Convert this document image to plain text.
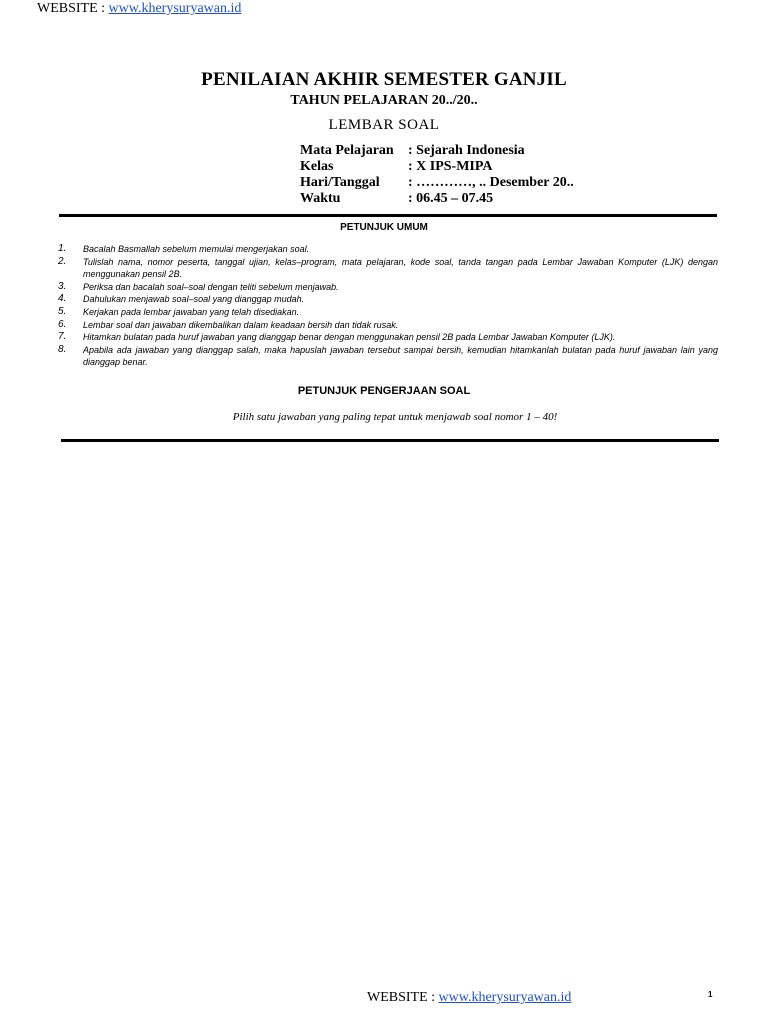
WEBSITE : www.kherysuryawan.id
PENILAIAN AKHIR SEMESTER GANJIL
TAHUN PELAJARAN 20../20..
LEMBAR SOAL
Mata Pelajaran	: Sejarah Indonesia
Kelas	: X IPS-MIPA
Hari/Tanggal	: …………, .. Desember 20..
Waktu	: 06.45 – 07.45
PETUNJUK UMUM
1.	Bacalah Basmallah sebelum memulai mengerjakan soal.
2.	Tulislah nama, nomor peserta, tanggal ujian, kelas–program, mata pelajaran, kode soal, tanda tangan pada Lembar Jawaban Komputer (LJK) dengan menggunakan pensil 2B.
3.	Periksa dan bacalah soal–soal dengan teliti sebelum menjawab.
4.	Dahulukan menjawab soal–soal yang dianggap mudah.
5.	Kerjakan pada lembar jawaban yang telah disediakan.
6.	Lembar soal dan jawaban dikembalikan dalam keadaan bersih dan tidak rusak.
7.	Hitamkan bulatan pada huruf jawaban yang dianggap benar dengan menggunakan pensil 2B pada Lembar Jawaban Komputer (LJK).
8.	Apabila ada jawaban yang dianggap salah, maka hapuslah jawaban tersebut sampai bersih, kemudian hitamkanlah bulatan pada huruf jawaban lain yang dianggap benar.
PETUNJUK PENGERJAAN SOAL
Pilih satu jawaban yang paling tepat untuk menjawab soal nomor 1 – 40!
WEBSITE : www.kherysuryawan.id	1
